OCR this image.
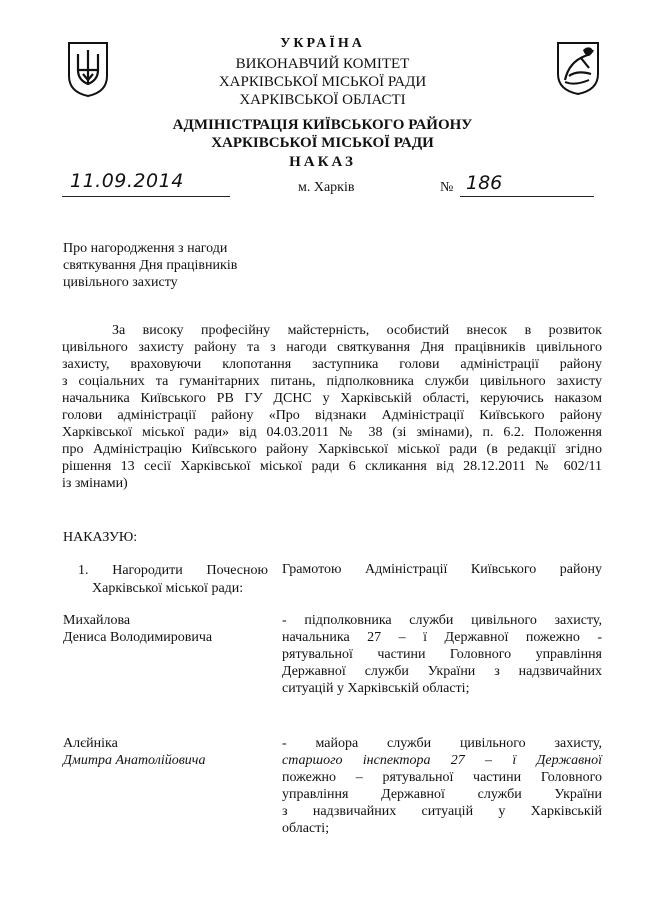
УКРАЇНА
ВИКОНАВЧИЙ КОМІТЕТ
ХАРКІВСЬКОЇ МІСЬКОЇ РАДИ
ХАРКІВСЬКОЇ ОБЛАСТІ
АДМІНІСТРАЦІЯ КИЇВСЬКОГО РАЙОНУ
ХАРКІВСЬКОЇ МІСЬКОЇ РАДИ
НАКАЗ
11.09.2014	м. Харків	№ 186
Про нагородження з нагоди
святкування Дня працівників
цивільного захисту
За високу професійну майстерність, особистий внесок в розвиток
цивільного захисту району та з нагоди святкування Дня працівників цивільного
захисту, враховуючи клопотання заступника голови адміністрації району
з соціальних та гуманітарних питань, підполковника служби цивільного захисту
начальника Київського РВ ГУ ДСНС у Харківській області, керуючись наказом
голови адміністрації району «Про відзнаки Адміністрації Київського району
Харківської міської ради» від 04.03.2011 № 38 (зі змінами), п. 6.2. Положення
про Адміністрацію Київського району Харківської міської ради (в редакції згідно
рішення 13 сесії Харківської міської ради 6 скликання від 28.12.2011 № 602/11
із змінами)
НАКАЗУЮ:
1. Нагородити Почесною
Харківської міської ради:
Грамотою Адміністрації Київського району
Михайлова
Дениса Володимировича
- підполковника служби цивільного захисту,
начальника 27 – ї Державної пожежно -
рятувальної частини Головного управління
Державної служби України з надзвичайних
ситуацій у Харківській області;
Алєйніка
Дмитра Анатолійовича
- майора служби цивільного захисту,
старшого інспектора 27 – ї Державної
пожежно – рятувальної частини Головного
управління Державної служби України
з надзвичайних ситуацій у Харківській
області;
